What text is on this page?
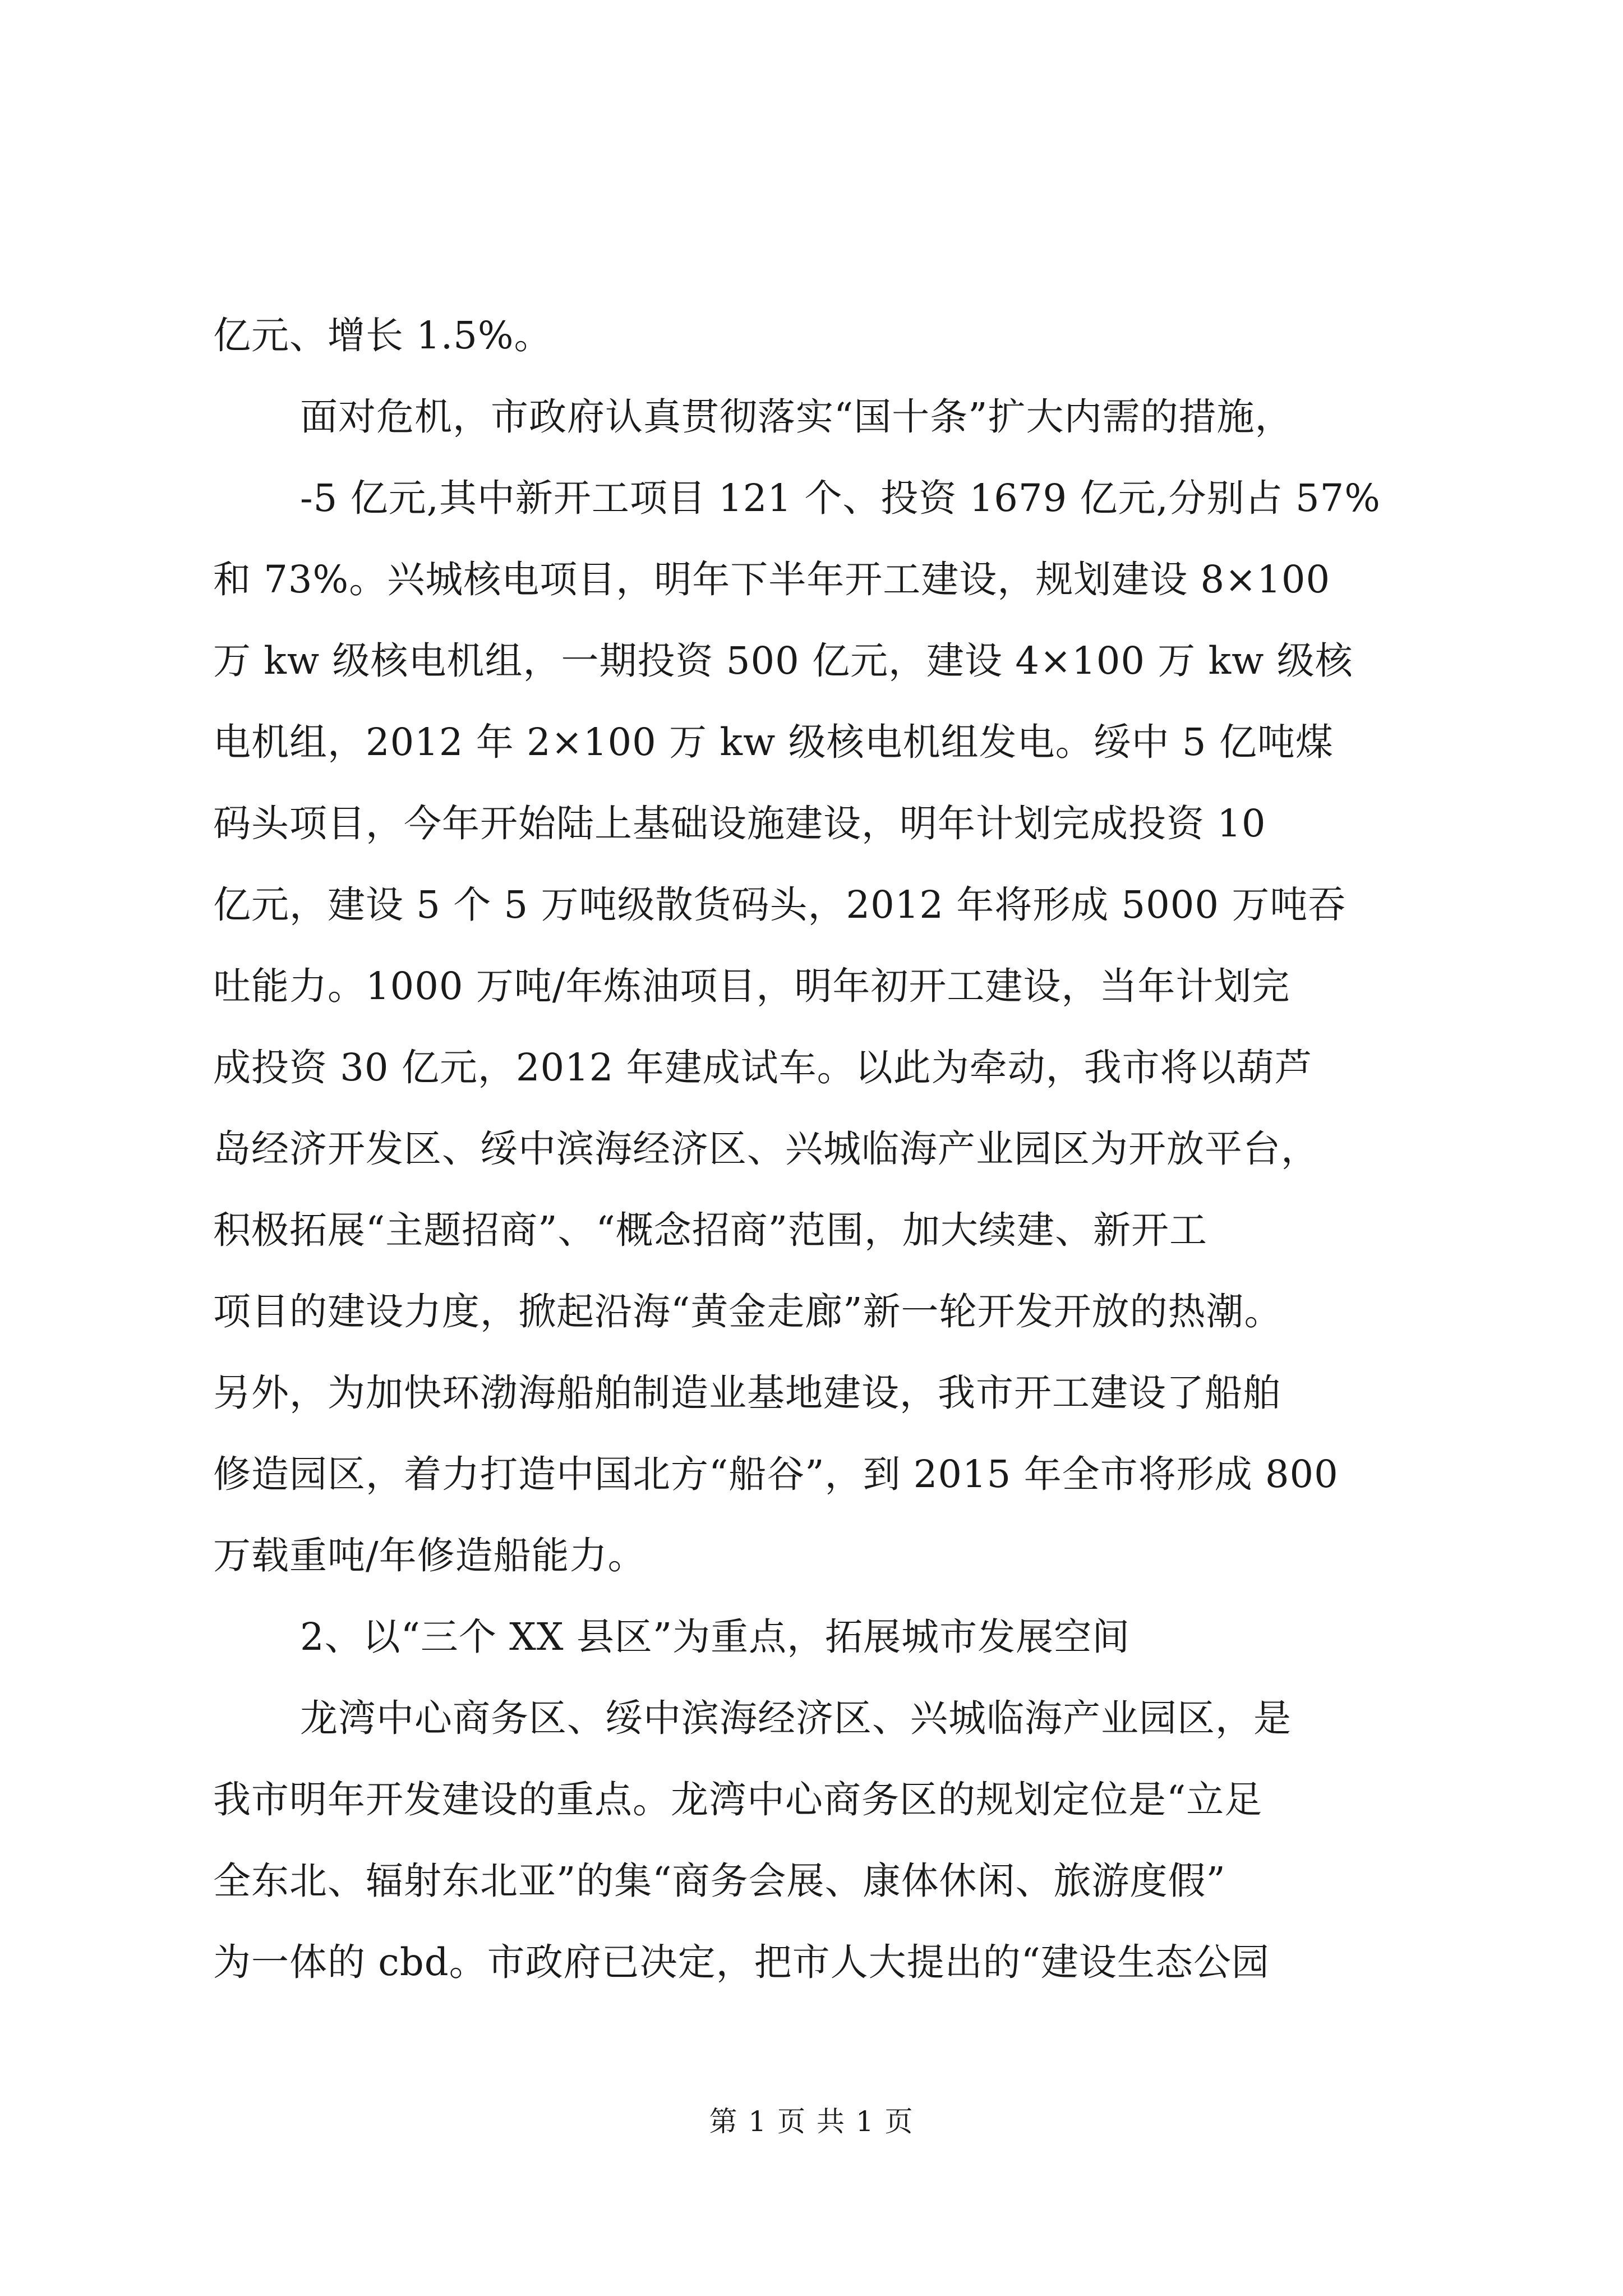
亿元、增长 1.5%。
面对危机，市政府认真贯彻落实“国十条”扩大内需的措施，
-5 亿元,其中新开工项目 121 个、投资 1679 亿元,分别占 57%
和 73%。兴城核电项目，明年下半年开工建设，规划建设 8×100
万 kw 级核电机组，一期投资 500 亿元，建设 4×100 万 kw 级核
电机组，2012 年 2×100 万 kw 级核电机组发电。绥中 5 亿吨煤
码头项目，今年开始陆上基础设施建设，明年计划完成投资 10
亿元，建设 5 个 5 万吨级散货码头，2012 年将形成 5000 万吨吞
吐能力。1000 万吨/年炼油项目，明年初开工建设，当年计划完
成投资 30 亿元，2012 年建成试车。以此为牵动，我市将以葫芦
岛经济开发区、绥中滨海经济区、兴城临海产业园区为开放平台，
积极拓展“主题招商”、“概念招商”范围，加大续建、新开工
项目的建设力度，掀起沿海“黄金走廊”新一轮开发开放的热潮。
另外，为加快环渤海船舶制造业基地建设，我市开工建设了船舶
修造园区，着力打造中国北方“船谷”，到 2015 年全市将形成 800
万载重吨/年修造船能力。
2、以“三个 XX 县区”为重点，拓展城市发展空间
龙湾中心商务区、绥中滨海经济区、兴城临海产业园区，是
我市明年开发建设的重点。龙湾中心商务区的规划定位是“立足
全东北、辐射东北亚”的集“商务会展、康体休闲、旅游度假”
为一体的 cbd。市政府已决定，把市人大提出的“建设生态公园
第 1 页 共 1 页
